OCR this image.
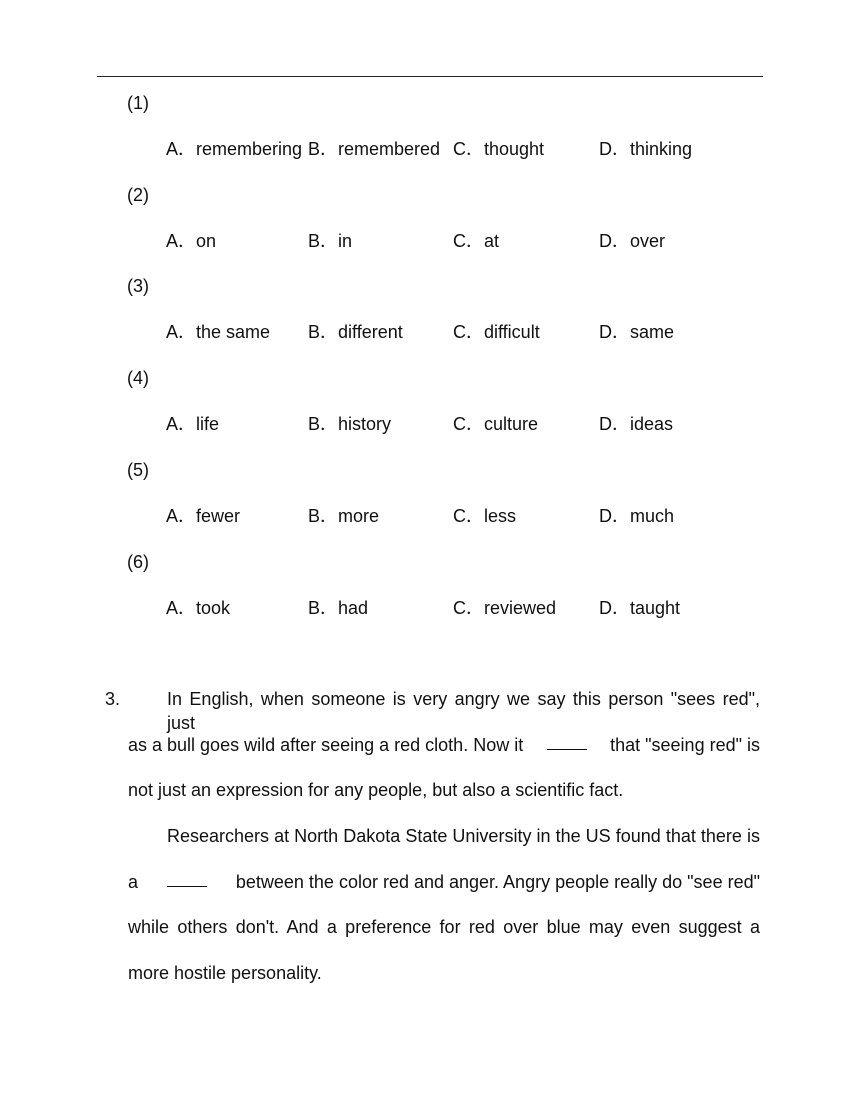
(1)
A．remembering B．remembered C．thought	D．thinking
(2)
A．on	B．in	C．at	D．over
(3)
A．the same B．different	C．difficult	D．same
(4)
A．life	B．history	C．culture	D．ideas
(5)
A．fewer	B．more	C．less	D．much
(6)
A．took	B．had	C．reviewed D．taught
3.	In English, when someone is very angry we say this person "sees red", just
as a bull goes wild after seeing a red cloth. Now it	that "seeing red" is
not just an expression for any people, but also a scientific fact.
Researchers at North Dakota State University in the US found that there is
a	between the color red and anger. Angry people really do "see red"
while others don't. And a preference for red over blue may even suggest a
more hostile personality.
